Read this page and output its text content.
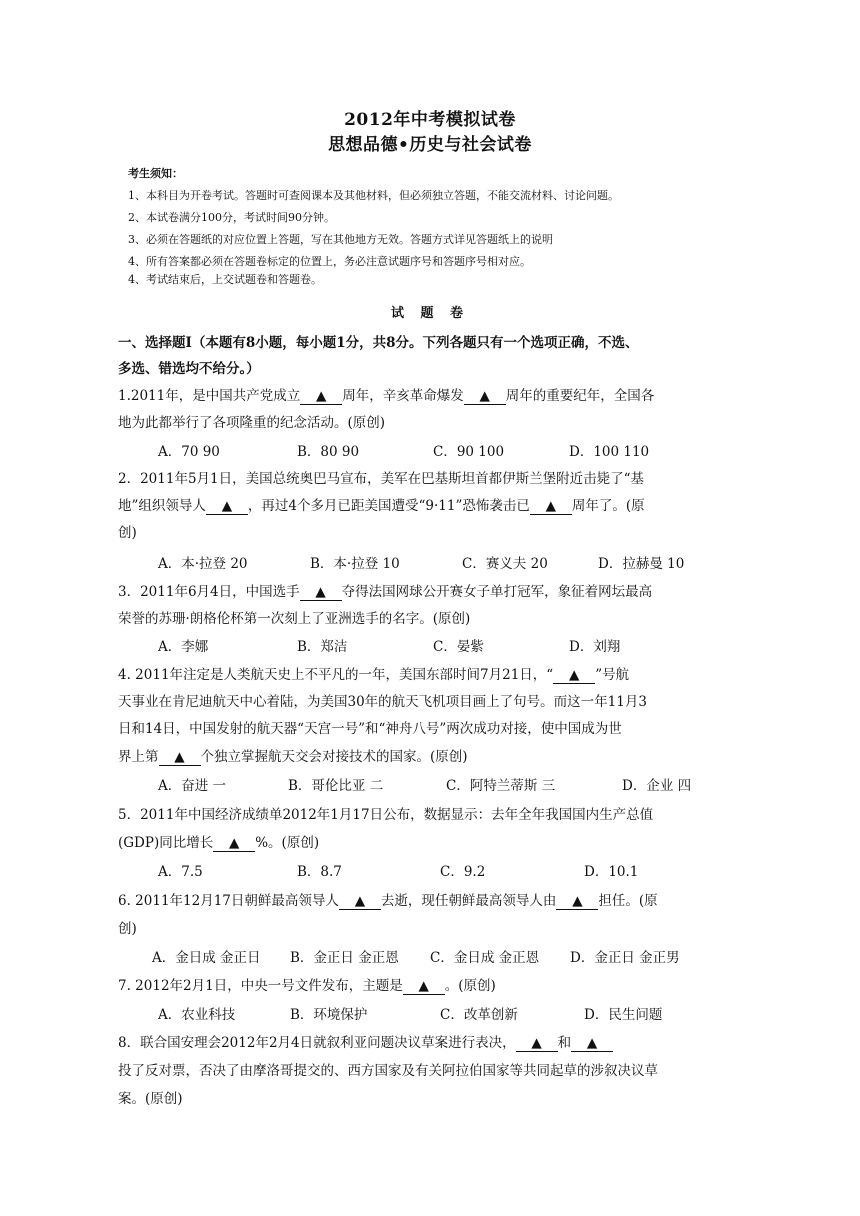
2012年中考模拟试卷
思想品德•历史与社会试卷
考生须知：
1、本科目为开卷考试。答题时可查阅课本及其他材料，但必须独立答题，不能交流材料、讨论问题。
2、本试卷满分100分，考试时间90分钟。
3、必须在答题纸的对应位置上答题，写在其他地方无效。答题方式详见答题纸上的说明
4、所有答案都必须在答题卷标定的位置上，务必注意试题序号和答题序号相对应。
4、考试结束后，上交试题卷和答题卷。
试 题 卷
一、选择题Ⅰ（本题有8小题，每小题1分，共8分。下列各题只有一个选项正确，不选、
多选、错选均不给分。）
1.2011年，是中国共产党成立 ▲ 周年，辛亥革命爆发 ▲ 周年的重要纪年，全国各
地为此都举行了各项隆重的纪念活动。(原创)
A．70 90	B．80 90	C．90 100	D．100 110
2．2011年5月1日，美国总统奥巴马宣布，美军在巴基斯坦首都伊斯兰堡附近击毙了“基
地”组织领导人 ▲ ，再过4个多月已距美国遭受“9·11”恐怖袭击已 ▲ 周年了。(原
创)
A．本·拉登 20	B．本·拉登 10	C．赛义夫 20	D．拉赫曼 10
3．2011年6月4日，中国选手 ▲ 夺得法国网球公开赛女子单打冠军，象征着网坛最高
荣誉的苏珊·朗格伦杯第一次刻上了亚洲选手的名字。(原创)
A．李娜	B．郑洁	C．晏紫	D．刘翔
4. 2011年注定是人类航天史上不平凡的一年，美国东部时间7月21日，“ ▲ ”号航
天事业在肯尼迪航天中心着陆，为美国30年的航天飞机项目画上了句号。而这一年11月3
日和14日，中国发射的航天器“天宫一号”和“神舟八号”两次成功对接，使中国成为世
界上第 ▲ 个独立掌握航天交会对接技术的国家。(原创)
A．奋进 一	B．哥伦比亚 二	C．阿特兰蒂斯 三	D．企业 四
5．2011年中国经济成绩单2012年1月17日公布，数据显示：去年全年我国国内生产总值
(GDP)同比增长 ▲ %。(原创)
A．7.5	B．8.7	C．9.2	D．10.1
6. 2011年12月17日朝鲜最高领导人 ▲ 去逝，现任朝鲜最高领导人由 ▲ 担任。(原
创)
A．金日成 金正日 B．金正日 金正恩 C．金日成 金正恩 D．金正日 金正男
7. 2012年2月1日，中央一号文件发布，主题是 ▲ 。(原创)
A．农业科技	B．环境保护	C．改革创新	D．民生问题
8．联合国安理会2012年2月4日就叙利亚问题决议草案进行表决， ▲ 和 ▲
投了反对票，否决了由摩洛哥提交的、西方国家及有关阿拉伯国家等共同起草的涉叙决议草
案。(原创)
